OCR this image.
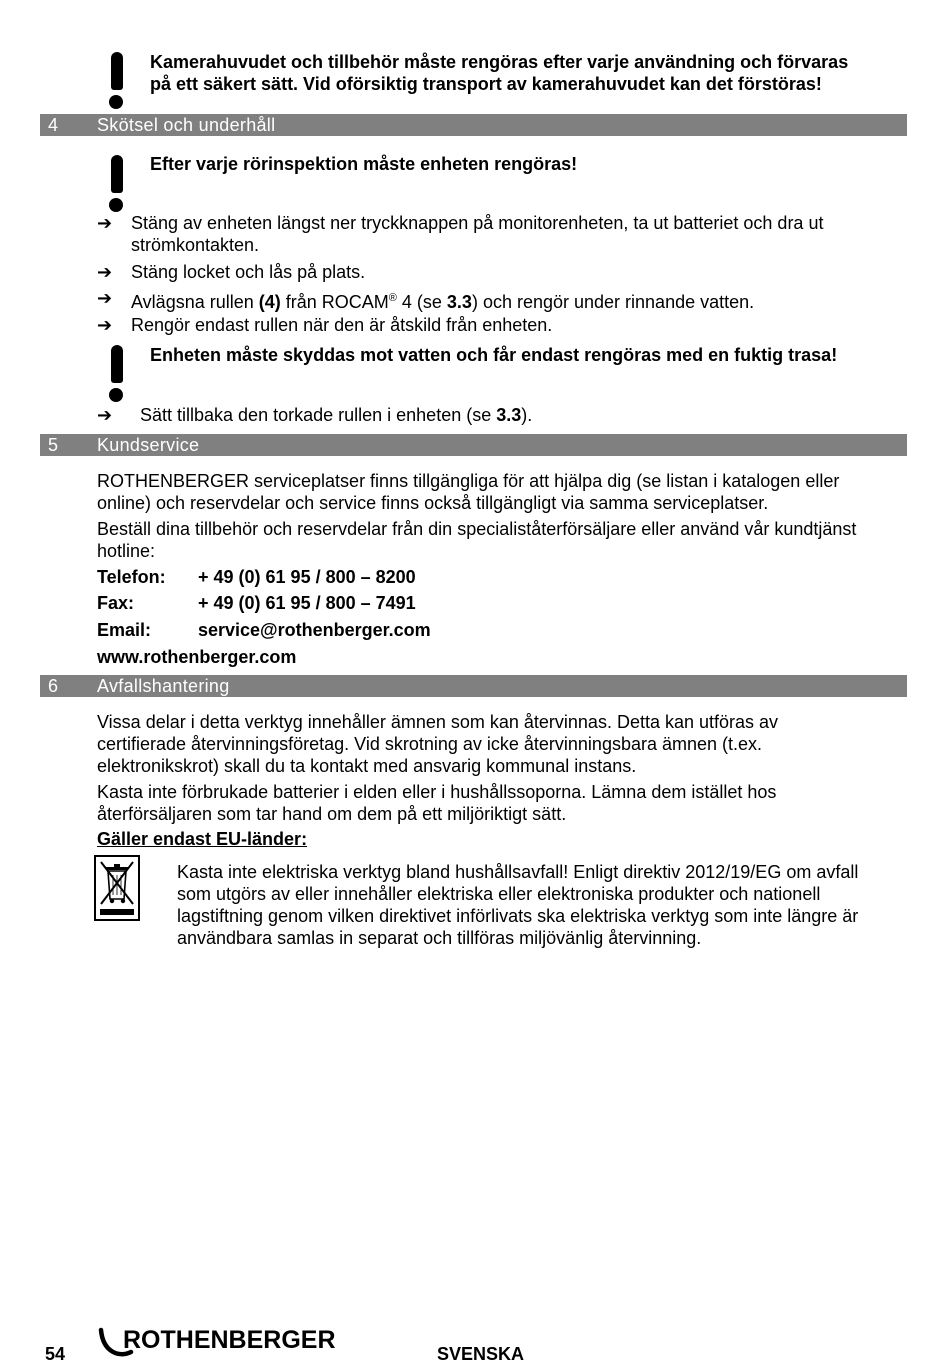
Kamerahuvudet och tillbehör måste rengöras efter varje användning och förvaras
på ett säkert sätt. Vid oförsiktig transport av kamerahuvudet kan det förstöras!
4 Skötsel och underhåll
Efter varje rörinspektion måste enheten rengöras!
➔ Stäng av enheten längst ner tryckknappen på monitorenheten, ta ut batteriet och dra ut
strömkontakten.
➔ Stäng locket och lås på plats.
➔ Avlägsna rullen (4) från ROCAM® 4 (se 3.3) och rengör under rinnande vatten.
➔ Rengör endast rullen när den är åtskild från enheten.
Enheten måste skyddas mot vatten och får endast rengöras med en fuktig trasa!
➔ Sätt tillbaka den torkade rullen i enheten (se 3.3).
5 Kundservice
ROTHENBERGER serviceplatser finns tillgängliga för att hjälpa dig (se listan i katalogen eller
online) och reservdelar och service finns också tillgängligt via samma serviceplatser.
Beställ dina tillbehör och reservdelar från din specialiståterförsäljare eller använd vår kundtjänst
hotline:
Telefon: + 49 (0) 61 95 / 800 – 8200
Fax:	+ 49 (0) 61 95 / 800 – 7491
Email:	service@rothenberger.com
www.rothenberger.com
6 Avfallshantering
Vissa delar i detta verktyg innehåller ämnen som kan återvinnas. Detta kan utföras av
certifierade återvinningsföretag. Vid skrotning av icke återvinningsbara ämnen (t.ex.
elektronikskrot) skall du ta kontakt med ansvarig kommunal instans.
Kasta inte förbrukade batterier i elden eller i hushållssoporna. Lämna dem istället hos
återförsäljaren som tar hand om dem på ett miljöriktigt sätt.
Gäller endast EU-länder:
Kasta inte elektriska verktyg bland hushållsavfall! Enligt direktiv 2012/19/EG om avfall
som utgörs av eller innehåller elektriska eller elektroniska produkter och nationell
lagstiftning genom vilken direktivet införlivats ska elektriska verktyg som inte längre är
användbara samlas in separat och tillföras miljövänlig återvinning.
54 ROTHENBERGER	SVENSKA
